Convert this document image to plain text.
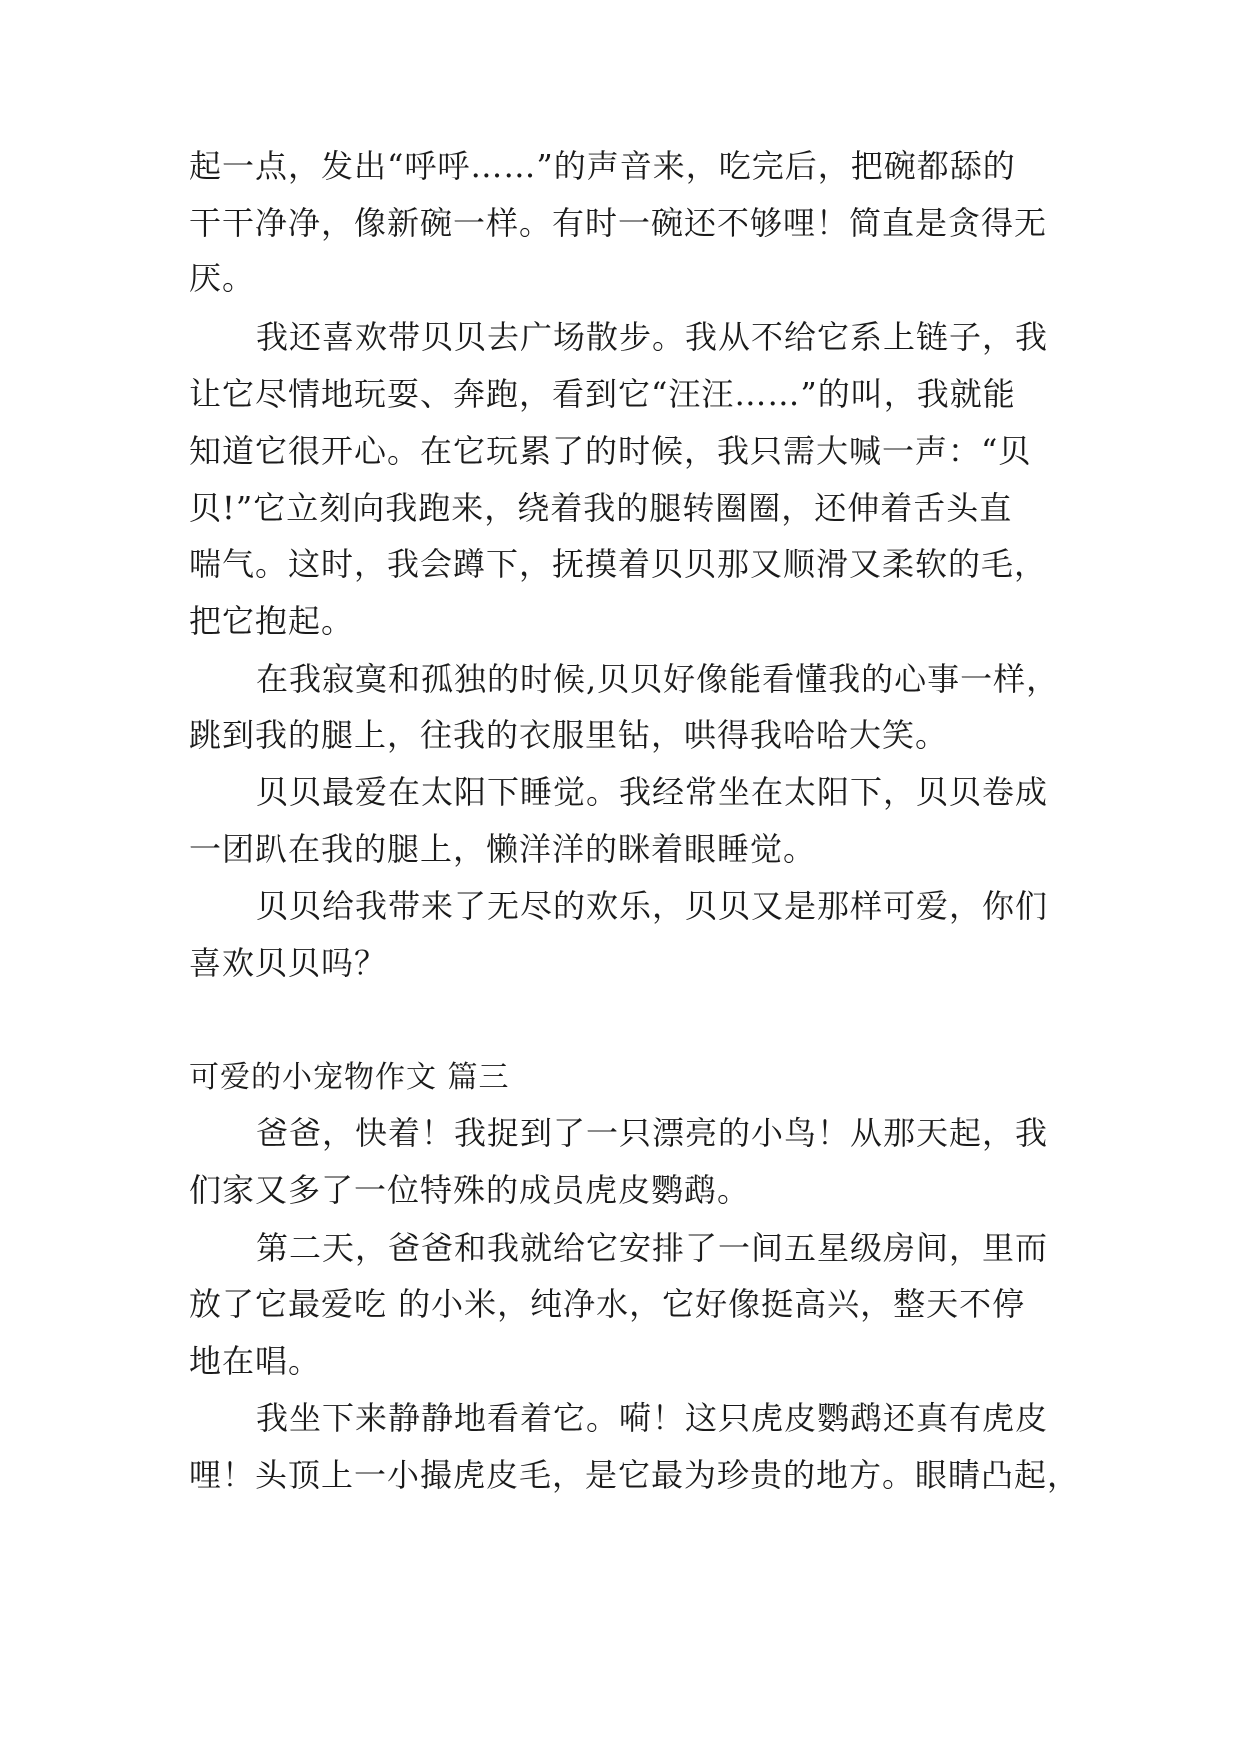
起一点，发出“呼呼……”的声音来，吃完后，把碗都舔的
干干净净，像新碗一样。有时一碗还不够哩！简直是贪得无
厌。
我还喜欢带贝贝去广场散步。我从不给它系上链子，我
让它尽情地玩耍、奔跑，看到它“汪汪……”的叫，我就能
知道它很开心。在它玩累了的时候，我只需大喊一声：“贝
贝!”它立刻向我跑来，绕着我的腿转圈圈，还伸着舌头直
喘气。这时，我会蹲下，抚摸着贝贝那又顺滑又柔软的毛，
把它抱起。
在我寂寞和孤独的时候,贝贝好像能看懂我的心事一样，
跳到我的腿上，往我的衣服里钻，哄得我哈哈大笑。
贝贝最爱在太阳下睡觉。我经常坐在太阳下，贝贝卷成
一团趴在我的腿上，懒洋洋的眯着眼睡觉。
贝贝给我带来了无尽的欢乐，贝贝又是那样可爱，你们
喜欢贝贝吗？
可爱的小宠物作文 篇三
爸爸，快着！我捉到了一只漂亮的小鸟！从那天起，我
们家又多了一位特殊的成员虎皮鹦鹉。
第二天，爸爸和我就给它安排了一间五星级房间，里而
放了它最爱吃 的小米，纯净水，它好像挺高兴，整天不停
地在唱。
我坐下来静静地看着它。嗬！这只虎皮鹦鹉还真有虎皮
哩！头顶上一小撮虎皮毛，是它最为珍贵的地方。眼睛凸起，
